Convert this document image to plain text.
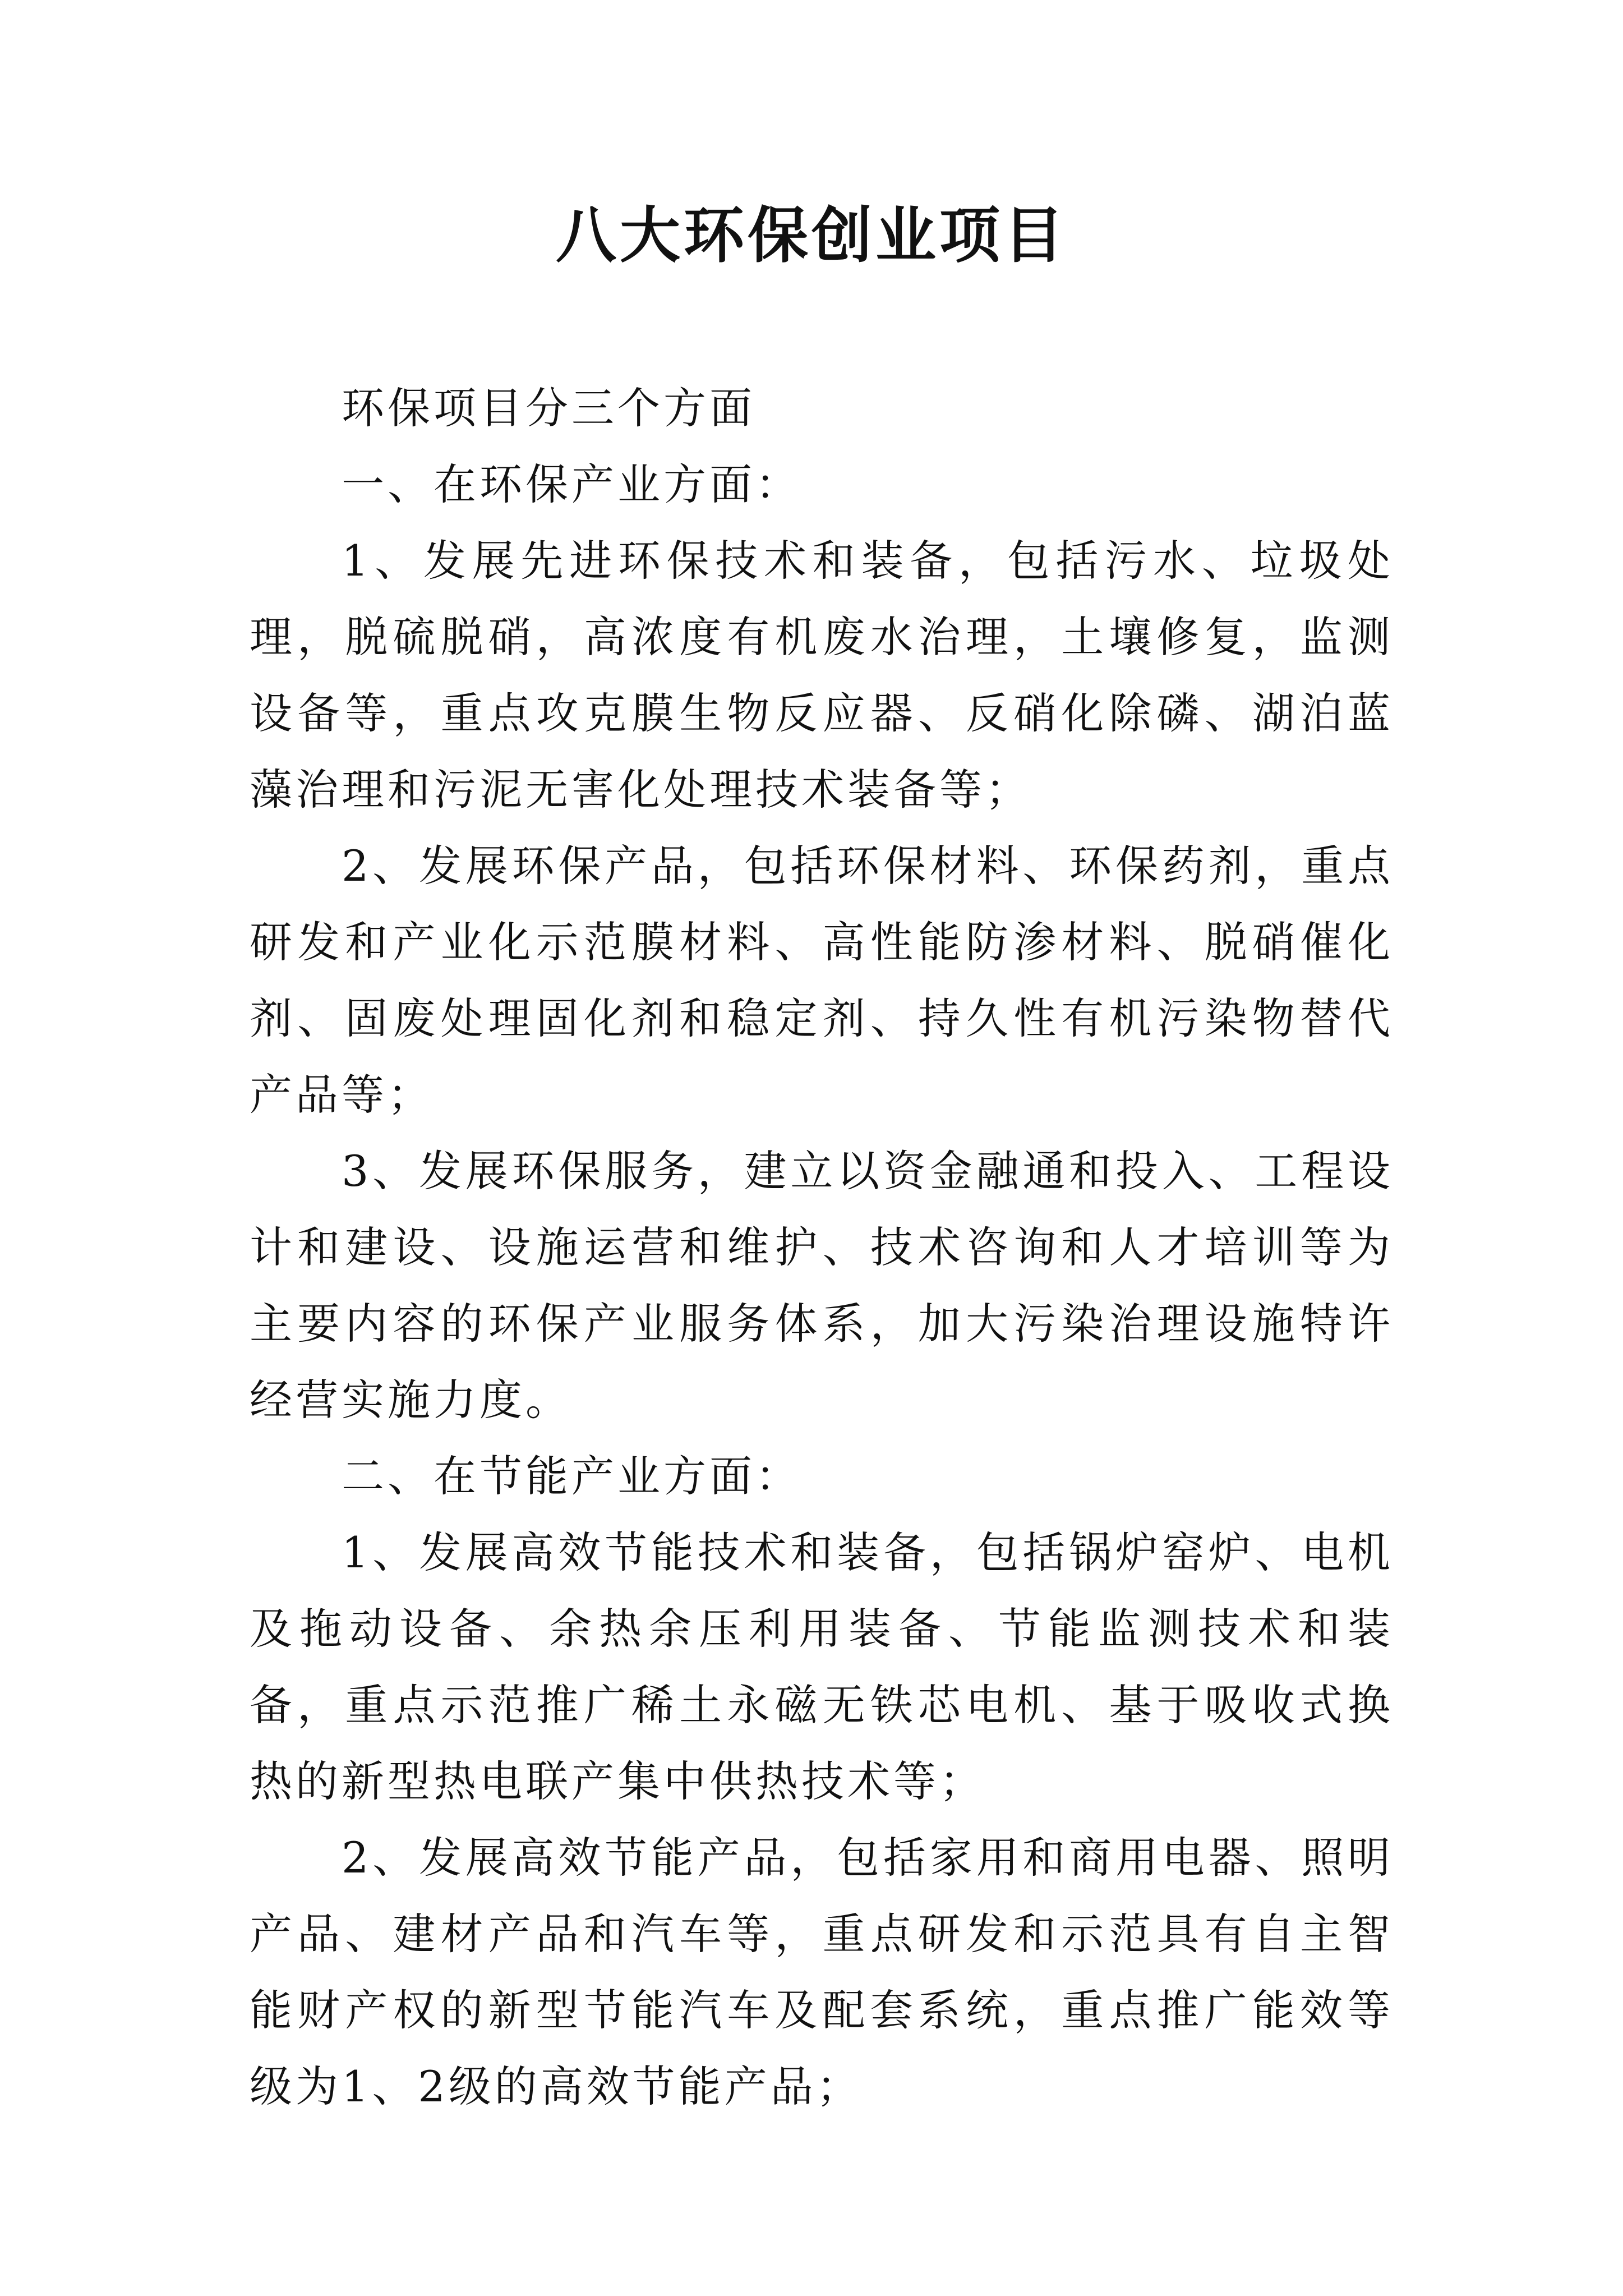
八大环保创业项目

环保项目分三个方面

一、在环保产业方面：

1、发展先进环保技术和装备，包括污水、垃圾处理，脱硫脱硝，高浓度有机废水治理，土壤修复，监测设备等，重点攻克膜生物反应器、反硝化除磷、湖泊蓝藻治理和污泥无害化处理技术装备等；

2、发展环保产品，包括环保材料、环保药剂，重点研发和产业化示范膜材料、高性能防渗材料、脱硝催化剂、固废处理固化剂和稳定剂、持久性有机污染物替代产品等；

3、发展环保服务，建立以资金融通和投入、工程设计和建设、设施运营和维护、技术咨询和人才培训等为主要内容的环保产业服务体系，加大污染治理设施特许经营实施力度。

二、在节能产业方面：

1、发展高效节能技术和装备，包括锅炉窑炉、电机及拖动设备、余热余压利用装备、节能监测技术和装备，重点示范推广稀土永磁无铁芯电机、基于吸收式换热的新型热电联产集中供热技术等；

2、发展高效节能产品，包括家用和商用电器、照明产品、建材产品和汽车等，重点研发和示范具有自主智能财产权的新型节能汽车及配套系统，重点推广能效等级为1、2级的高效节能产品；
